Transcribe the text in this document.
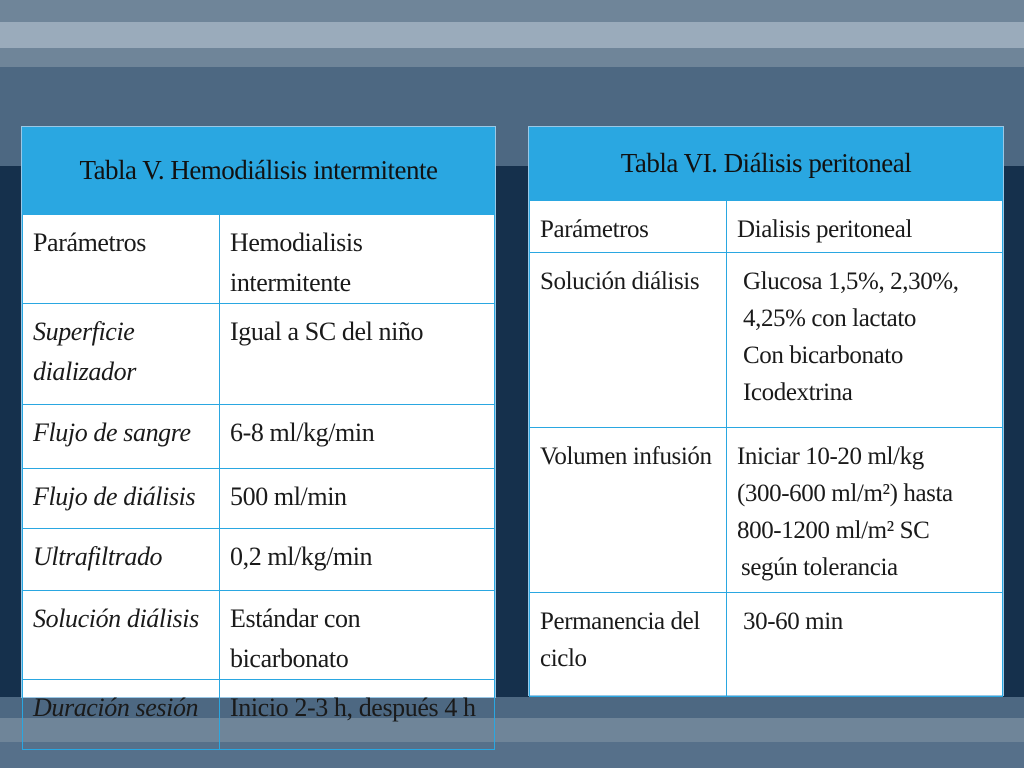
Tabla V. Hemodiálisis intermitente
Parámetros	Hemodialisis intermitente
Superficie dializador	Igual a SC del niño
Flujo de sangre	6-8 ml/kg/min
Flujo de diálisis	500 ml/min
Ultrafiltrado	0,2 ml/kg/min
Solución diálisis	Estándar con bicarbonato
Duración sesión	Inicio 2-3 h, después 4 h
Tabla VI. Diálisis peritoneal
Parámetros	Dialisis peritoneal
Solución diálisis	Glucosa 1,5%, 2,30%,
4,25% con lactato
Con bicarbonato
Icodextrina

Volumen infusión	Iniciar 10-20 ml/kg
(300-600 ml/m²) hasta
800-1200 ml/m² SC
según tolerancia

Permanencia del ciclo	30-60 min
